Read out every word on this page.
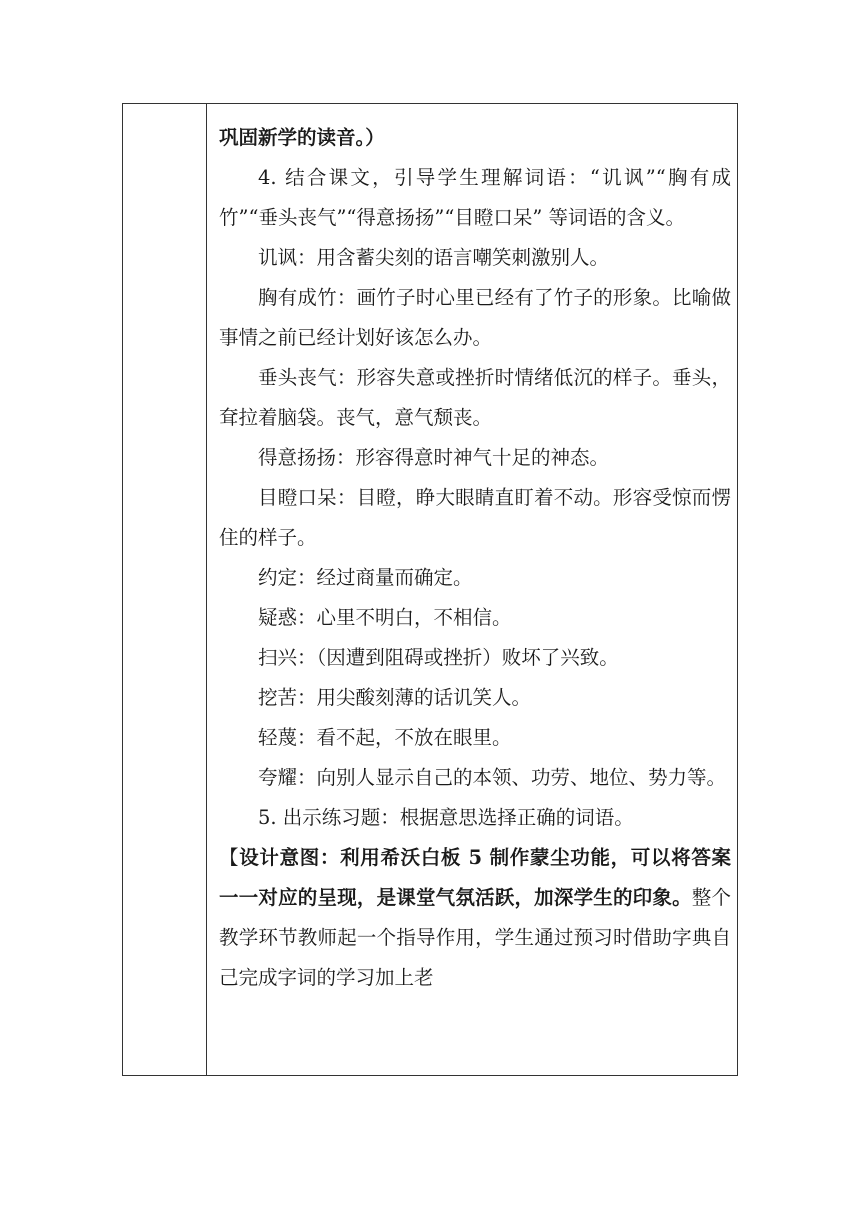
巩固新学的读音。）

4. 结合课文，引导学生理解词语：“讥讽”“胸有成竹”“垂头丧气”“得意扬扬”“目瞪口呆” 等词语的含义。

讥讽：用含蓄尖刻的语言嘲笑刺激别人。

胸有成竹：画竹子时心里已经有了竹子的形象。比喻做事情之前已经计划好该怎么办。

垂头丧气：形容失意或挫折时情绪低沉的样子。垂头，耷拉着脑袋。丧气，意气颓丧。

得意扬扬：形容得意时神气十足的神态。

目瞪口呆：目瞪，睁大眼睛直盯着不动。形容受惊而愣住的样子。

约定：经过商量而确定。

疑惑：心里不明白，不相信。

扫兴：（因遭到阻碍或挫折）败坏了兴致。

挖苦：用尖酸刻薄的话讥笑人。

轻蔑：看不起，不放在眼里。

夸耀：向别人显示自己的本领、功劳、地位、势力等。

5. 出示练习题：根据意思选择正确的词语。

【设计意图：利用希沃白板 5 制作蒙尘功能，可以将答案一一对应的呈现，是课堂气氛活跃，加深学生的印象。整个教学环节教师起一个指导作用，学生通过预习时借助字典自己完成字词的学习加上老
